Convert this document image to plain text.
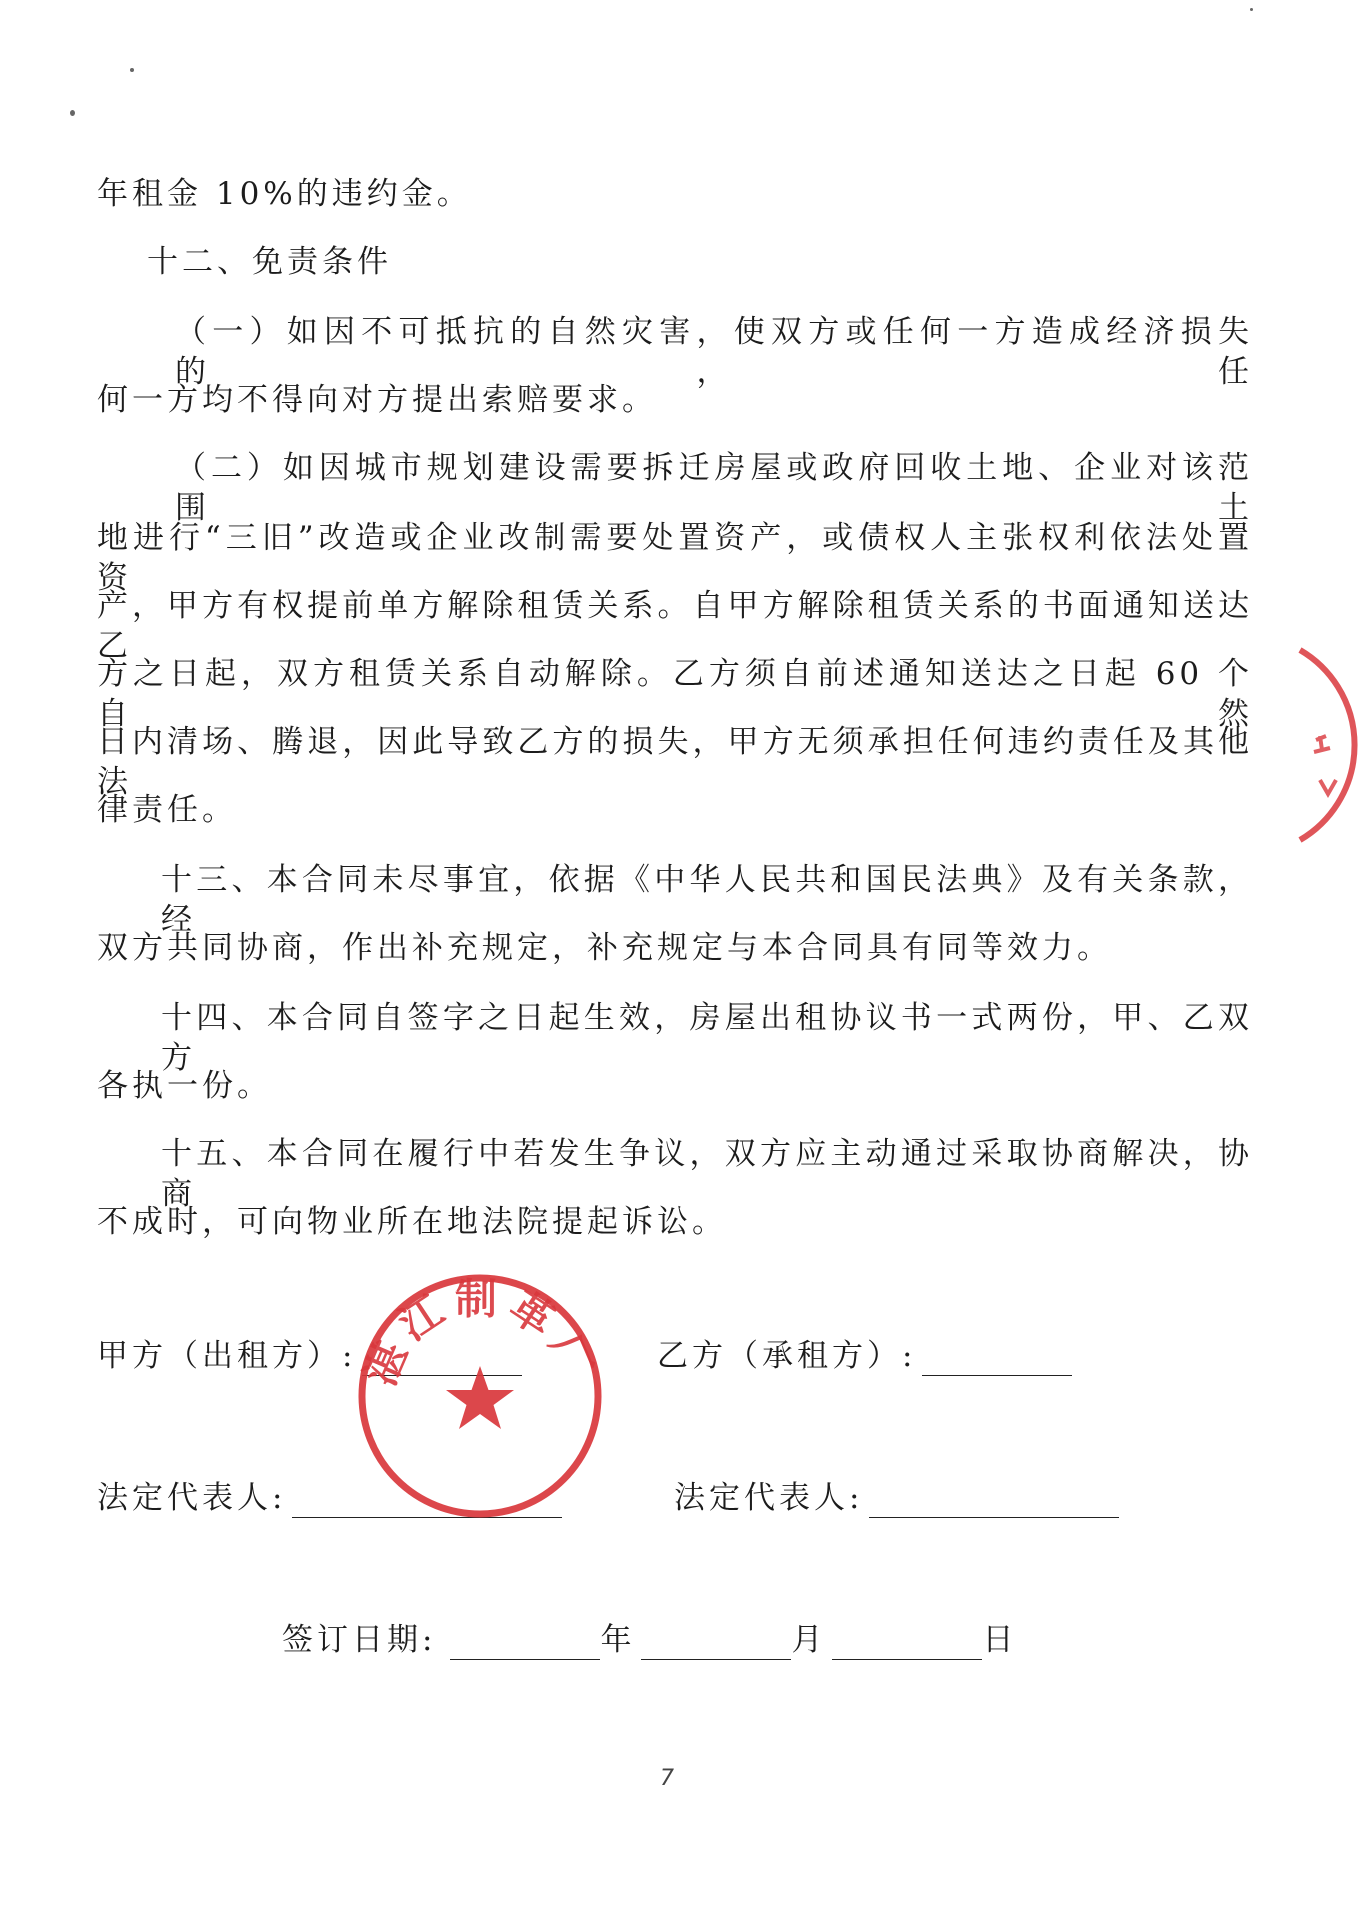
年租金 10%的违约金。
十二、免责条件
（一）如因不可抵抗的自然灾害，使双方或任何一方造成经济损失的，任
何一方均不得向对方提出索赔要求。
（二）如因城市规划建设需要拆迁房屋或政府回收土地、企业对该范围土
地进行“三旧”改造或企业改制需要处置资产，或债权人主张权利依法处置资
产，甲方有权提前单方解除租赁关系。自甲方解除租赁关系的书面通知送达乙
方之日起，双方租赁关系自动解除。乙方须自前述通知送达之日起 60 个自然
日内清场、腾退，因此导致乙方的损失，甲方无须承担任何违约责任及其他法
律责任。
十三、本合同未尽事宜，依据《中华人民共和国民法典》及有关条款，经
双方共同协商，作出补充规定，补充规定与本合同具有同等效力。
十四、本合同自签字之日起生效，房屋出租协议书一式两份，甲、乙双方
各执一份。
十五、本合同在履行中若发生争议，双方应主动通过采取协商解决，协商
不成时，可向物业所在地法院提起诉讼。
甲方（出租方）:	乙方（承租方）:
法定代表人:	法定代表人:
签订日期:	年	月	日
湛江制革厂
7
